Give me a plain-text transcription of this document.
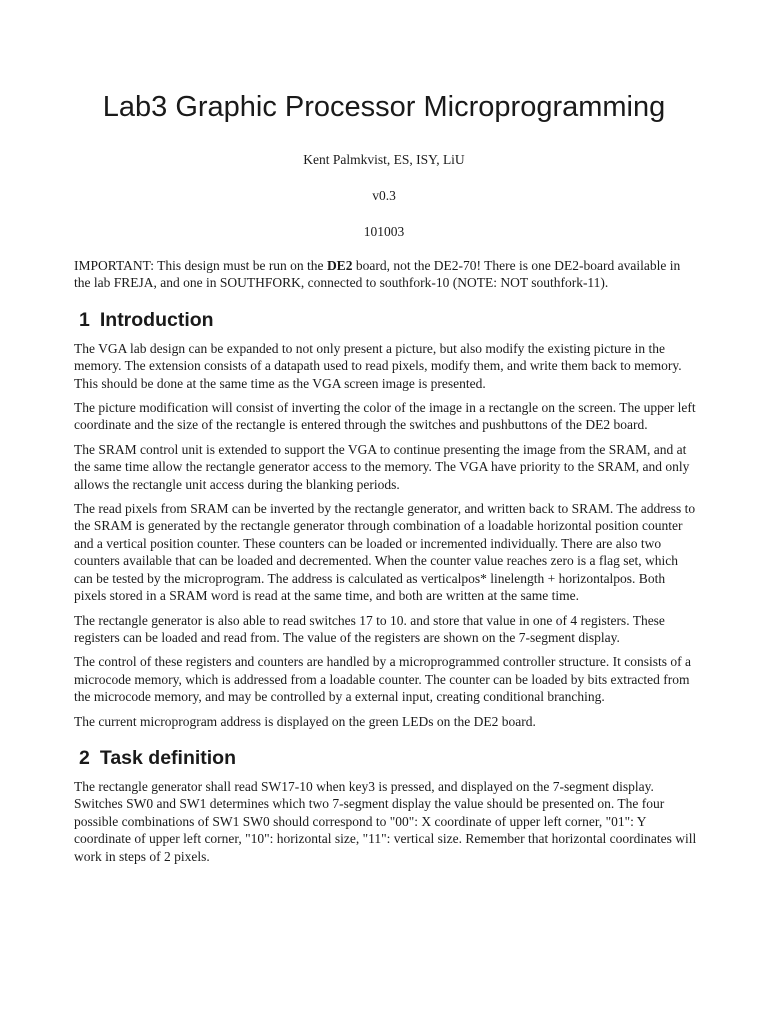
Lab3 Graphic Processor Microprogramming
Kent Palmkvist, ES, ISY, LiU
v0.3
101003

IMPORTANT: This design must be run on the DE2 board, not the DE2-70! There is one DE2-board available in the lab FREJA, and one in SOUTHFORK, connected to southfork-10 (NOTE: NOT southfork-11).

1 Introduction

The VGA lab design can be expanded to not only present a picture, but also modify the existing picture in the memory. The extension consists of a datapath used to read pixels, modify them, and write them back to memory. This should be done at the same time as the VGA screen image is presented.

The picture modification will consist of inverting the color of the image in a rectangle on the screen. The upper left coordinate and the size of the rectangle is entered through the switches and pushbuttons of the DE2 board.

The SRAM control unit is extended to support the VGA to continue presenting the image from the SRAM, and at the same time allow the rectangle generator access to the memory. The VGA have priority to the SRAM, and only allows the rectangle unit access during the blanking periods.

The read pixels from SRAM can be inverted by the rectangle generator, and written back to SRAM. The address to the SRAM is generated by the rectangle generator through combination of a loadable horizontal position counter and a vertical position counter. These counters can be loaded or incremented individually. There are also two counters available that can be loaded and decremented. When the counter value reaches zero is a flag set, which can be tested by the microprogram. The address is calculated as verticalpos* linelength + horizontalpos. Both pixels stored in a SRAM word is read at the same time, and both are written at the same time.

The rectangle generator is also able to read switches 17 to 10. and store that value in one of 4 registers. These registers can be loaded and read from. The value of the registers are shown on the 7-segment display.

The control of these registers and counters are handled by a microprogrammed controller structure. It consists of a microcode memory, which is addressed from a loadable counter. The counter can be loaded by bits extracted from the microcode memory, and may be controlled by a external input, creating conditional branching.

The current microprogram address is displayed on the green LEDs on the DE2 board.

2 Task definition

The rectangle generator shall read SW17-10 when key3 is pressed, and displayed on the 7-segment display. Switches SW0 and SW1 determines which two 7-segment display the value should be presented on. The four possible combinations of SW1 SW0 should correspond to "00": X coordinate of upper left corner, "01": Y coordinate of upper left corner, "10": horizontal size, "11": vertical size. Remember that horizontal coordinates will work in steps of 2 pixels.
